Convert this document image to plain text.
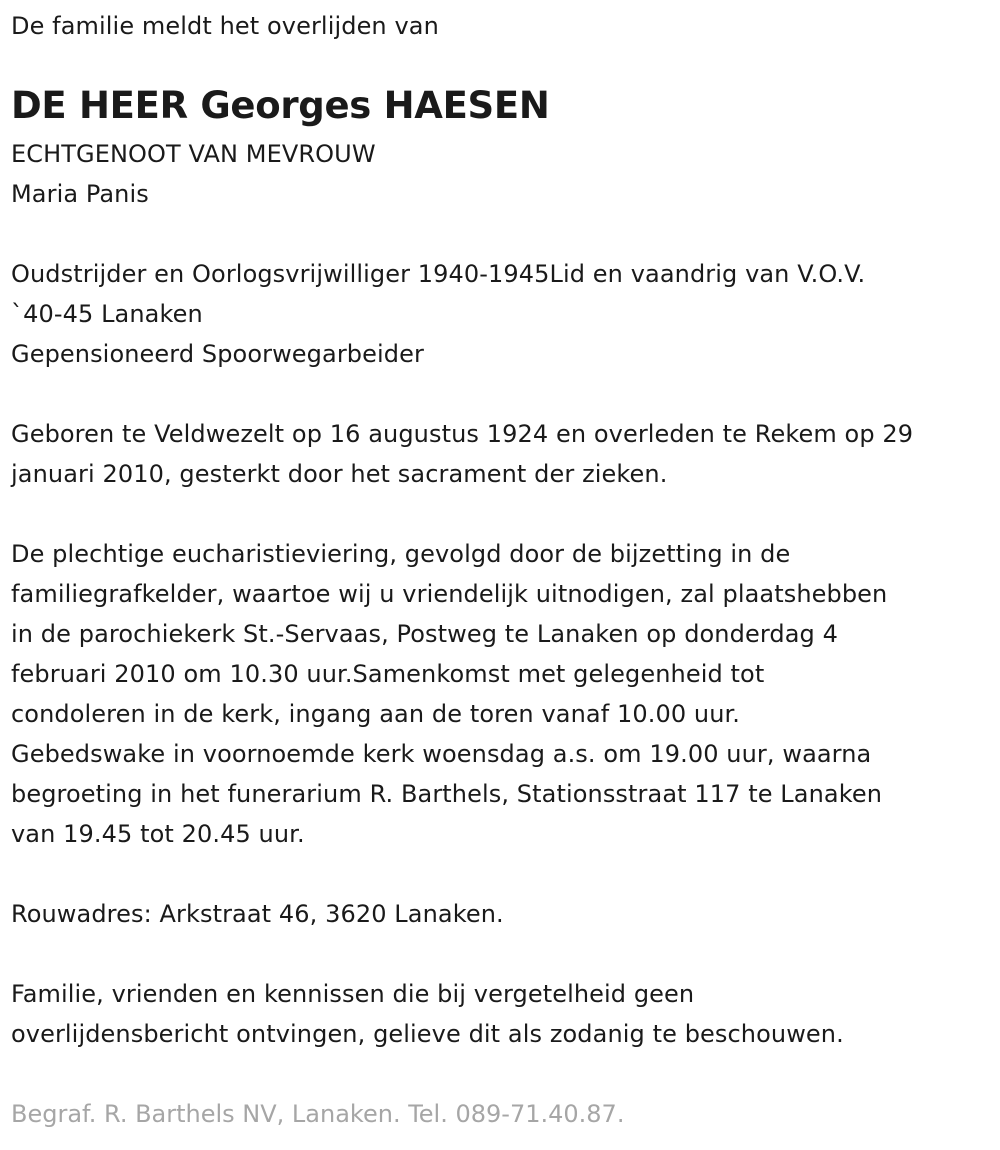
De familie meldt het overlijden van
DE HEER Georges HAESEN
ECHTGENOOT VAN MEVROUW
Maria Panis
Oudstrijder en Oorlogsvrijwilliger 1940-1945Lid en vaandrig van V.O.V.
`40-45 Lanaken
Gepensioneerd Spoorwegarbeider
Geboren te Veldwezelt op 16 augustus 1924 en overleden te Rekem op 29
januari 2010, gesterkt door het sacrament der zieken.
De plechtige eucharistieviering, gevolgd door de bijzetting in de
familiegrafkelder, waartoe wij u vriendelijk uitnodigen, zal plaatshebben
in de parochiekerk St.-Servaas, Postweg te Lanaken op donderdag 4
februari 2010 om 10.30 uur.Samenkomst met gelegenheid tot
condoleren in de kerk, ingang aan de toren vanaf 10.00 uur.
Gebedswake in voornoemde kerk woensdag a.s. om 19.00 uur, waarna
begroeting in het funerarium R. Barthels, Stationsstraat 117 te Lanaken
van 19.45 tot 20.45 uur.
Rouwadres: Arkstraat 46, 3620 Lanaken.
Familie, vrienden en kennissen die bij vergetelheid geen
overlijdensbericht ontvingen, gelieve dit als zodanig te beschouwen.
Begraf. R. Barthels NV, Lanaken. Tel. 089-71.40.87.
